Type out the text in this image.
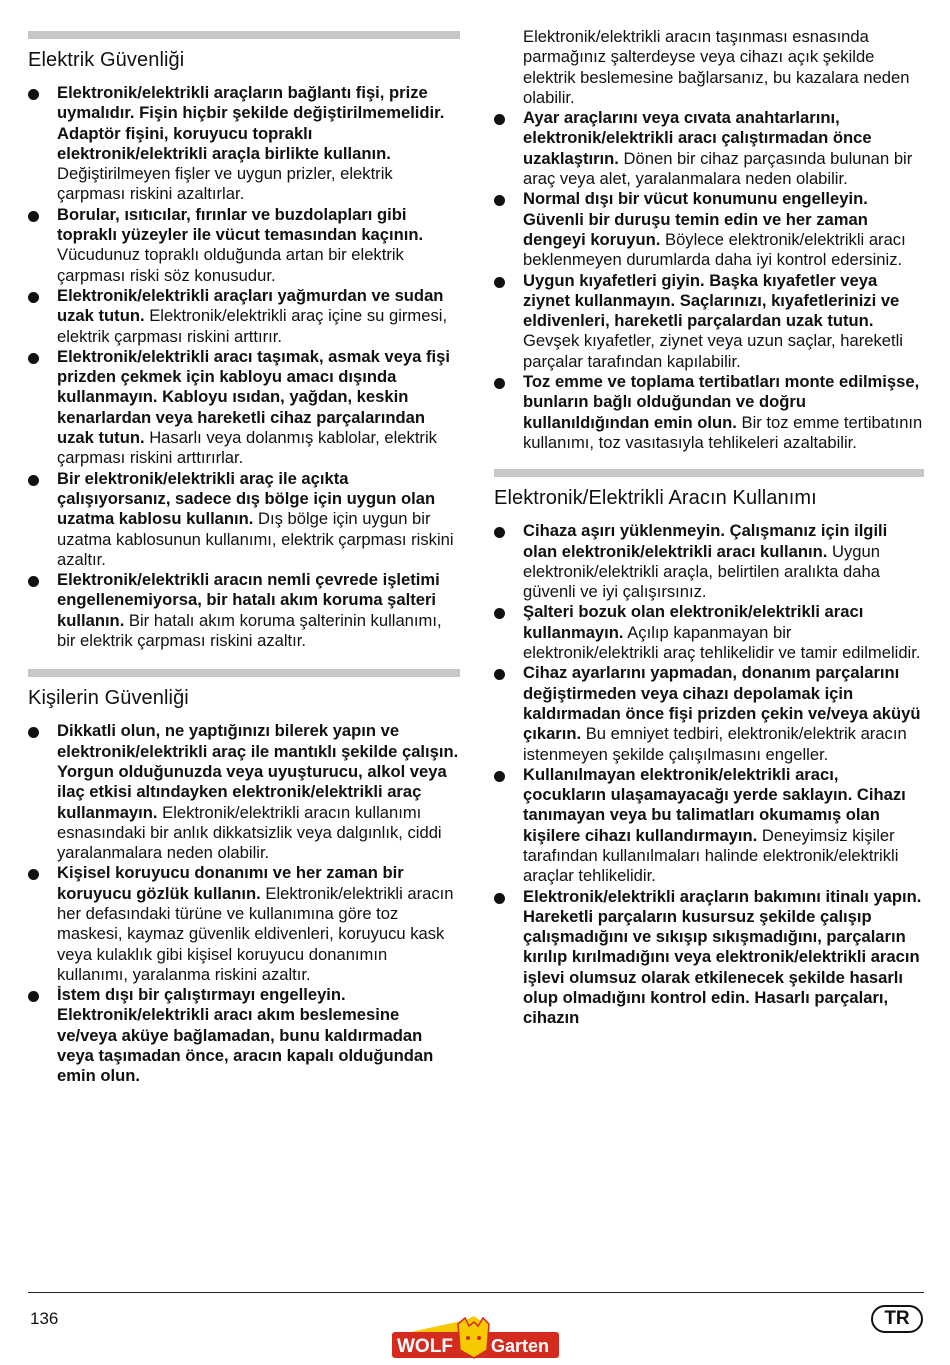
Elektrik Güvenliği
Elektronik/elektrikli araçların bağlantı fişi, prize uymalıdır. Fişin hiçbir şekilde değiştirilmemelidir. Adaptör fişini, koruyucu topraklı elektronik/elektrikli araçla birlikte kullanın. Değiştirilmeyen fişler ve uygun prizler, elektrik çarpması riskini azaltırlar.
Borular, ısıtıcılar, fırınlar ve buzdolapları gibi topraklı yüzeyler ile vücut temasından kaçının. Vücudunuz topraklı olduğunda artan bir elektrik çarpması riski söz konusudur.
Elektronik/elektrikli araçları yağmurdan ve sudan uzak tutun. Elektronik/elektrikli araç içine su girmesi, elektrik çarpması riskini arttırır.
Elektronik/elektrikli aracı taşımak, asmak veya fişi prizden çekmek için kabloyu amacı dışında kullanmayın. Kabloyu ısıdan, yağdan, keskin kenarlardan veya hareketli cihaz parçalarından uzak tutun. Hasarlı veya dolanmış kablolar, elektrik çarpması riskini arttırırlar.
Bir elektronik/elektrikli araç ile açıkta çalışıyorsanız, sadece dış bölge için uygun olan uzatma kablosu kullanın. Dış bölge için uygun bir uzatma kablosunun kullanımı, elektrik çarpması riskini azaltır.
Elektronik/elektrikli aracın nemli çevrede işletimi engellenemiyorsa, bir hatalı akım koruma şalteri kullanın. Bir hatalı akım koruma şalterinin kullanımı, bir elektrik çarpması riskini azaltır.
Kişilerin Güvenliği
Dikkatli olun, ne yaptığınızı bilerek yapın ve elektronik/elektrikli araç ile mantıklı şekilde çalışın. Yorgun olduğunuzda veya uyuşturucu, alkol veya ilaç etkisi altındayken elektronik/elektrikli araç kullanmayın. Elektronik/elektrikli aracın kullanımı esnasındaki bir anlık dikkatsizlik veya dalgınlık, ciddi yaralanmalara neden olabilir.
Kişisel koruyucu donanımı ve her zaman bir koruyucu gözlük kullanın. Elektronik/elektrikli aracın her defasındaki türüne ve kullanımına göre toz maskesi, kaymaz güvenlik eldivenleri, koruyucu kask veya kulaklık gibi kişisel koruyucu donanımın kullanımı, yaralanma riskini azaltır.
İstem dışı bir çalıştırmayı engelleyin. Elektronik/elektrikli aracı akım beslemesine ve/veya aküye bağlamadan, bunu kaldırmadan veya taşımadan önce, aracın kapalı olduğundan emin olun.

Elektronik/elektrikli aracın taşınması esnasında parmağınız şalterdeyse veya cihazı açık şekilde elektrik beslemesine bağlarsanız, bu kazalara neden olabilir.

Ayar araçlarını veya cıvata anahtarlarını, elektronik/elektrikli aracı çalıştırmadan önce uzaklaştırın. Dönen bir cihaz parçasında bulunan bir araç veya alet, yaralanmalara neden olabilir.
Normal dışı bir vücut konumunu engelleyin. Güvenli bir duruşu temin edin ve her zaman dengeyi koruyun. Böylece elektronik/elektrikli aracı beklenmeyen durumlarda daha iyi kontrol edersiniz.
Uygun kıyafetleri giyin. Başka kıyafetler veya ziynet kullanmayın. Saçlarınızı, kıyafetlerinizi ve eldivenleri, hareketli parçalardan uzak tutun. Gevşek kıyafetler, ziynet veya uzun saçlar, hareketli parçalar tarafından kapılabilir.
Toz emme ve toplama tertibatları monte edilmişse, bunların bağlı olduğundan ve doğru kullanıldığından emin olun. Bir toz emme tertibatının kullanımı, toz vasıtasıyla tehlikeleri azaltabilir.
Elektronik/Elektrikli Aracın Kullanımı
Cihaza aşırı yüklenmeyin. Çalışmanız için ilgili olan elektronik/elektrikli aracı kullanın. Uygun elektronik/elektrikli araçla, belirtilen aralıkta daha güvenli ve iyi çalışırsınız.
Şalteri bozuk olan elektronik/elektrikli aracı kullanmayın. Açılıp kapanmayan bir elektronik/elektrikli araç tehlikelidir ve tamir edilmelidir.
Cihaz ayarlarını yapmadan, donanım parçalarını değiştirmeden veya cihazı depolamak için kaldırmadan önce fişi prizden çekin ve/veya aküyü çıkarın. Bu emniyet tedbiri, elektronik/elektrik aracın istenmeyen şekilde çalışılmasını engeller.
Kullanılmayan elektronik/elektrikli aracı, çocukların ulaşamayacağı yerde saklayın. Cihazı tanımayan veya bu talimatları okumamış olan kişilere cihazı kullandırmayın. Deneyimsiz kişiler tarafından kullanılmaları halinde elektronik/elektrikli araçlar tehlikelidir.
Elektronik/elektrikli araçların bakımını itinalı yapın. Hareketli parçaların kusursuz şekilde çalışıp çalışmadığını ve sıkışıp sıkışmadığını, parçaların kırılıp kırılmadığını veya elektronik/elektrikli aracın işlevi olumsuz olarak etkilenecek şekilde hasarlı olup olmadığını kontrol edin. Hasarlı parçaları, cihazın
136	TR
WOLF Garten
